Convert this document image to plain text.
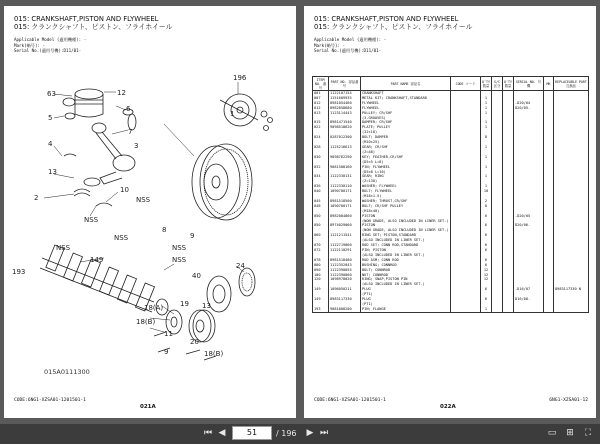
015: CRANKSHAFT,PISTON AND FLYWHEEL
015: クランクシャフト、ピストン、フライホイール
Applicable Model (適用機種): -
Mark(略号): -
Serial No.(適用号機):D11/01-
63	12
6
5
7
4
13
2
10
NSS
3
196
NSS
1
NSS
NSS
8
9
149
24
40
18(A)
18(B)
18(B)
13
19
193
NSS
NSS
20
11
9
015A0111300
CODE:6NG1-XZSA01-1201501-1
021A
015: CRANKSHAFT,PISTON AND FLYWHEEL
015: クランクシャフト、ピストン、フライホイール
Applicable Model (適用機種): -
Mark(略号): -
Serial No.(適用号機):D11/01-
ITEM NO. 番号	PART NO. 部品番号	PART NAME 部品名	CODE コード	Q'TY 数量	S/C 区分	Q'TY 数量	SERIAL NO. 号機	MK	REPLACEABLE PART 互換品
001	1122107154	CRANKSHAFT							
007	1151609935	METAL KIT; CRANKSHAFT,STANDARD		1					
012	8981054460	FLYWHEEL		1			-D20/04		
012	8982858680	FLYWHEEL		1			D20/05-		
013	1123114443	PULLEY; CR/SHF		1					
		(3-GROOVES)							
015	8981471540	DAMPER; CR/SHF		1					
022	9098518620	PLATE; PULLEY		1					
		(32×18)							
024	0287012300	BOLT; DAMPER		8					
		(M10×25)							
028	1125216613	GEAR; CR/SHF		1					
		(Z=48)							
030	9098762290	KEY; FEATHER,CR/SHF		1					
		(D5×5 L=8)							
032	9081508160	PIN; FLYWHEEL		1					
		(D5×8 L=16)							
034	1122330131	GEAR; RING		1					
		(Z=130)							
036	1122330110	WASHER; FLYWHEEL		1					
040	1090700171	BOLT; FLYWHEEL		10					
		(M18×1.5)							
045	8981518500	WASHER; THRUST,CR/SHF		2					
048	1090700171	BOLT; CR/SHF PULLEY		8					
		(M18×40)							
050	8982084860	PISTON		6			-D20/05		
		(NON GRADE, ALSO INCLUDED IN LINER SET.)							
050	8974029060	PISTON		6			D20/06-		
		(NON GRADE, ALSO INCLUDED IN LINER SET.)							
060	1121211541	RING SET; PISTON,STANDARD		6					
		(ALSO INCLUDED IN LINER SET.)							
070	1122719060	ROD SET; CONN ROD,STANDARD		6					
072	1122110291	PIN; PISTON		6					
		(ALSO INCLUDED IN LINER SET.)							
078	8981518480	ROD ASM; CONN ROD		6					
080	1122352043	BUSHING; CONNROD		6					
090	1122390055	BOLT; CONNROD		12					
100	1122390060	NUT; CONNROD		12					
120	1098978020	RING; SNAP,PISTON PIN		12					
		(ALSO INCLUDED IN LINER SET.)							
149	1096050211	PLUG		6			-D16/07		8983117330 N
		(PT1)							
149	8983117330	PLUG		6			D16/08-		
		(PT1)							
193	9081808200	PIN; FLANGE		1					
CODE:6NG1-XZSA01-1201501-1
022A
6NG1-XZSA01-12
⏮ ◀	51	/ 196	▶ ⏭	▭ ⊞	⛶
